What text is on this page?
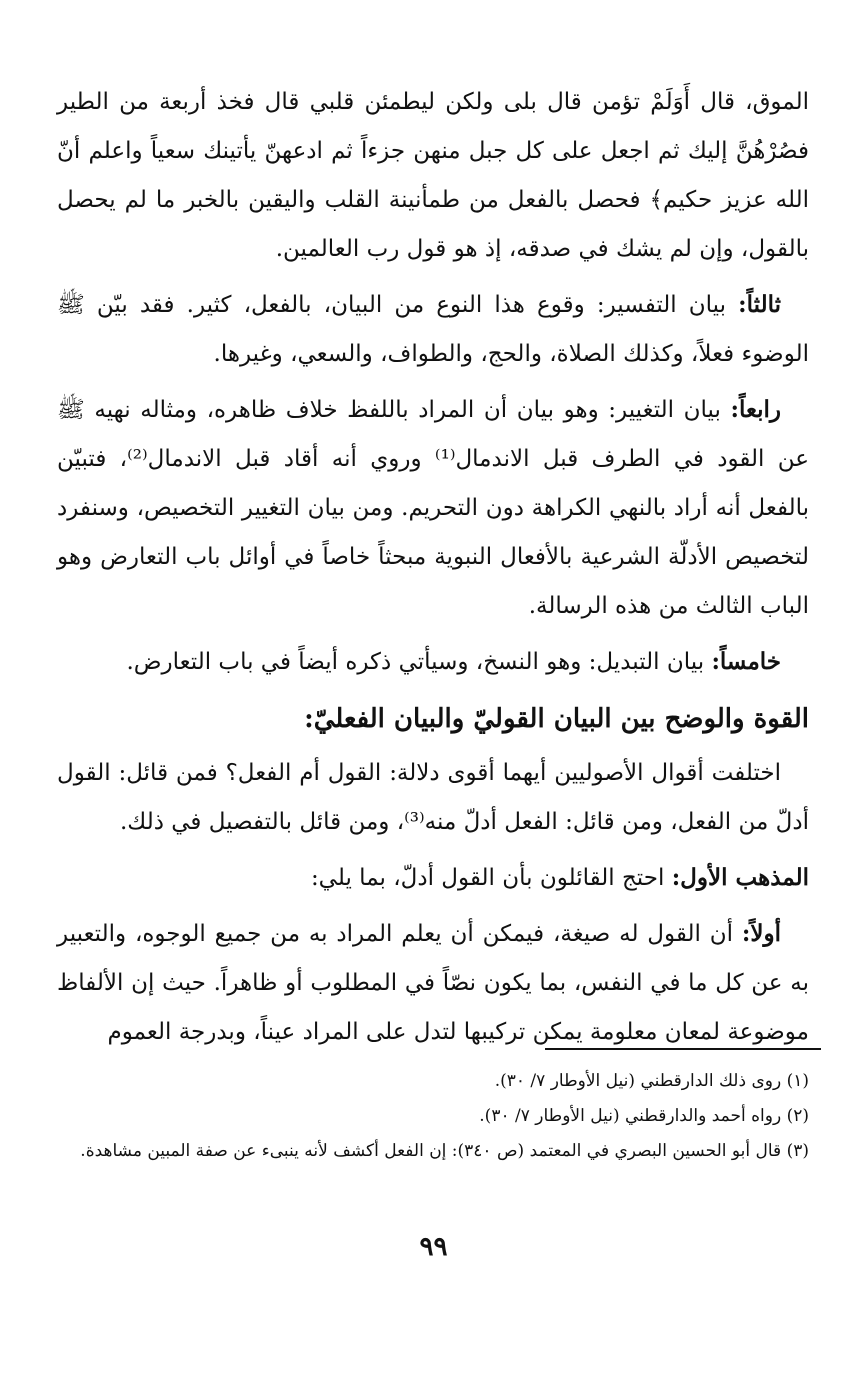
الموق، قال أَوَلَمْ تؤمن قال بلى ولكن ليطمئن قلبي قال فخذ أربعة من الطير فصُرْهُنَّ إليك ثم اجعل على كل جبل منهن جزءاً ثم ادعهنّ يأتينك سعياً واعلم أنّ الله عزيز حكيم﴾ فحصل بالفعل من طمأنينة القلب واليقين بالخبر ما لم يحصل بالقول، وإن لم يشك في صدقه، إذ هو قول رب العالمين.

ثالثاً: بيان التفسير: وقوع هذا النوع من البيان، بالفعل، كثير. فقد بيّن ﷺ الوضوء فعلاً، وكذلك الصلاة، والحج، والطواف، والسعي، وغيرها.

رابعاً: بيان التغيير: وهو بيان أن المراد باللفظ خلاف ظاهره، ومثاله نهيه ﷺ عن القود في الطرف قبل الاندمال⁽¹⁾ وروي أنه أقاد قبل الاندمال⁽²⁾، فتبيّن بالفعل أنه أراد بالنهي الكراهة دون التحريم. ومن بيان التغيير التخصيص، وسنفرد لتخصيص الأدلّة الشرعية بالأفعال النبوية مبحثاً خاصاً في أوائل باب التعارض وهو الباب الثالث من هذه الرسالة.

خامساً: بيان التبديل: وهو النسخ، وسيأتي ذكره أيضاً في باب التعارض.

القوة والوضح بين البيان القوليّ والبيان الفعليّ:

اختلفت أقوال الأصوليين أيهما أقوى دلالة: القول أم الفعل؟ فمن قائل: القول أدلّ من الفعل، ومن قائل: الفعل أدلّ منه⁽³⁾، ومن قائل بالتفصيل في ذلك.

المذهب الأول: احتج القائلون بأن القول أدلّ، بما يلي:

أولاً: أن القول له صيغة، فيمكن أن يعلم المراد به من جميع الوجوه، والتعبير به عن كل ما في النفس، بما يكون نصّاً في المطلوب أو ظاهراً. حيث إن الألفاظ موضوعة لمعان معلومة يمكن تركيبها لتدل على المراد عيناً، وبدرجة العموم

(١) روى ذلك الدارقطني (نيل الأوطار ٧/ ٣٠).

(٢) رواه أحمد والدارقطني (نيل الأوطار ٧/ ٣٠).

(٣) قال أبو الحسين البصري في المعتمد (ص ٣٤٠): إن الفعل أكشف لأنه ينبىء عن صفة المبين مشاهدة.

٩٩
